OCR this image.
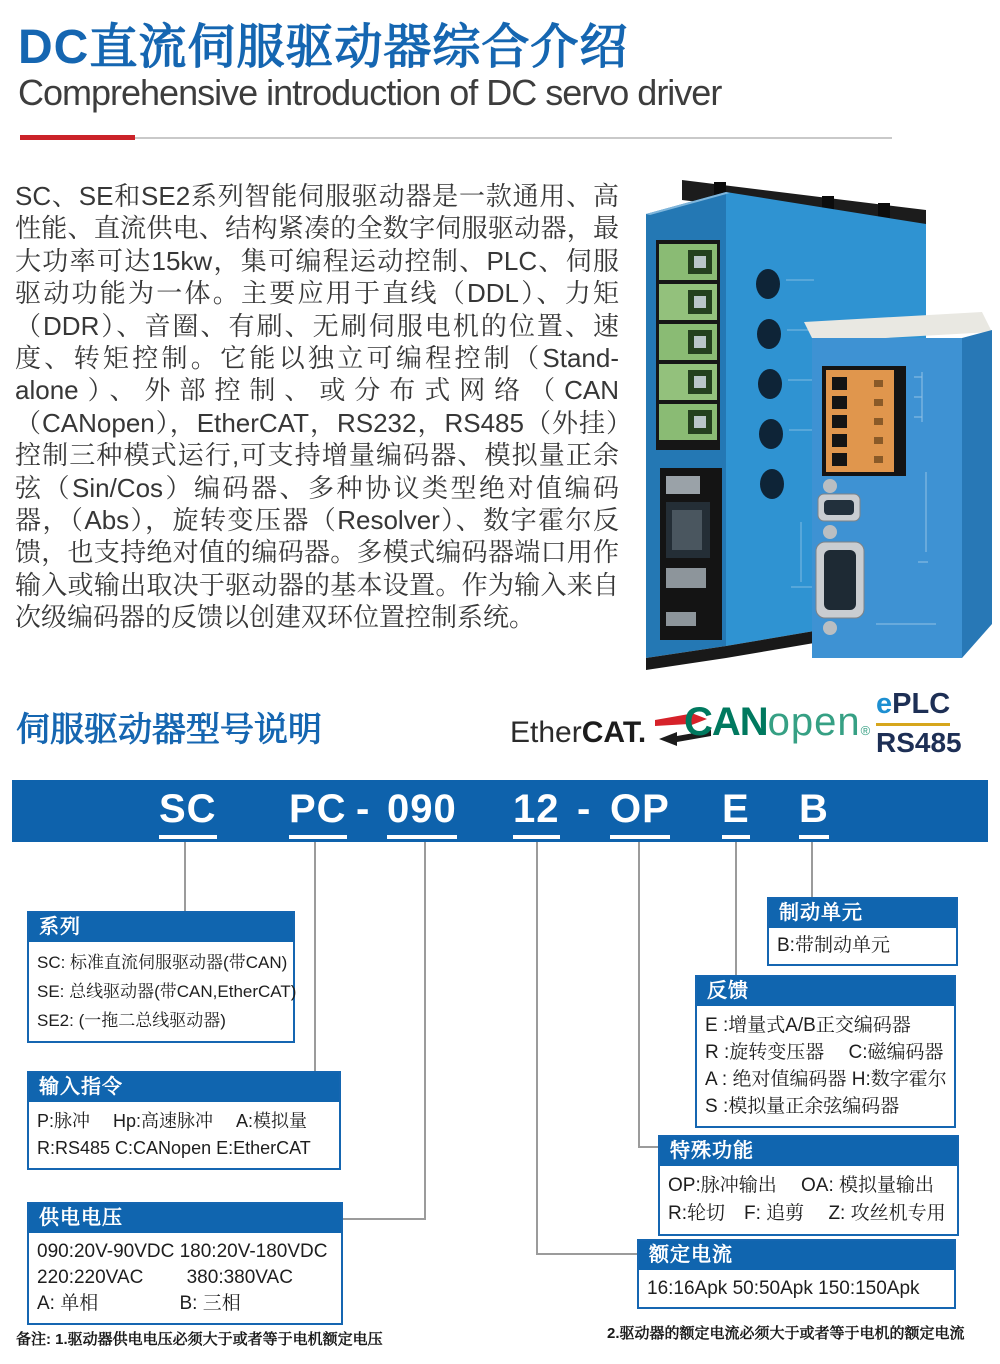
DC直流伺服驱动器综合介绍
Comprehensive introduction of DC servo driver
SC、SE和SE2系列智能伺服驱动器是一款通用、高性能、直流供电、结构紧凑的全数字伺服驱动器，最大功率可达15kw，集可编程运动控制、PLC、伺服驱动功能为一体。主要应用于直线（DDL）、力矩（DDR）、音圈、有刷、无刷伺服电机的位置、速度、转矩控制。它能以独立可编程控制（Stand-alone）、外部控制、或分布式网络（CAN（CANopen），EtherCAT，RS232，RS485（外挂）控制三种模式运行,可支持增量编码器、模拟量正余弦（Sin/Cos）编码器、多种协议类型绝对值编码器，（Abs），旋转变压器（Resolver）、数字霍尔反馈，也支持绝对值的编码器。多模式编码器端口用作输入或输出取决于驱动器的基本设置。作为输入来自次级编码器的反馈以创建双环位置控制系统。
伺服驱动器型号说明	EtherCAT. CANopen®
ePLC
RS485
SC PC - 090 12 - OP E B
系列
SC: 标准直流伺服驱动器(带CAN)
SE: 总线驱动器(带CAN,EtherCAT)
SE2: (一拖二总线驱动器)
输入指令
P:脉冲　 Hp:高速脉冲　 A:模拟量
R:RS485 C:CANopen E:EtherCAT
供电电压
090:20V-90VDC 180:20V-180VDC
220:220VAC　　 380:380VAC
A: 单相　　　　 B: 三相
制动单元
B:带制动单元
反馈
E :增量式A/B正交编码器
R :旋转变压器　 C:磁编码器
A : 绝对值编码器 H:数字霍尔
S :模拟量正余弦编码器
特殊功能
OP:脉冲输出　 OA: 模拟量输出
R:轮切　F: 追剪　 Z: 攻丝机专用
额定电流
16:16Apk 50:50Apk 150:150Apk
备注: 1.驱动器供电电压必须大于或者等于电机额定电压	2.驱动器的额定电流必须大于或者等于电机的额定电流
